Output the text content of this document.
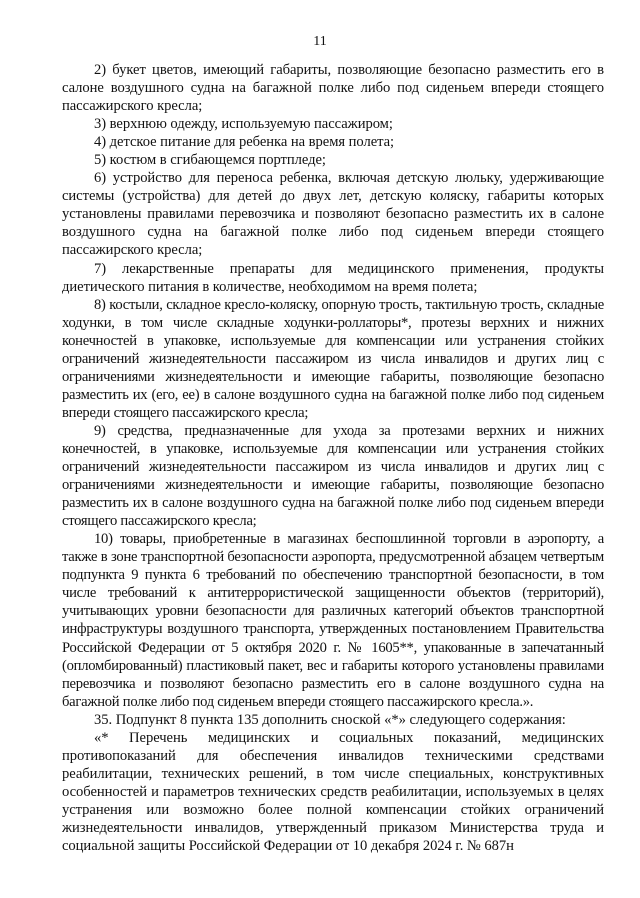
11

2) букет цветов, имеющий габариты, позволяющие безопасно разместить его в салоне воздушного судна на багажной полке либо под сиденьем впереди стоящего пассажирского кресла;

3) верхнюю одежду, используемую пассажиром;

4) детское питание для ребенка на время полета;

5) костюм в сгибающемся портпледе;

6) устройство для переноса ребенка, включая детскую люльку, удерживающие системы (устройства) для детей до двух лет, детскую коляску, габариты которых установлены правилами перевозчика и позволяют безопасно разместить их в салоне воздушного судна на багажной полке либо под сиденьем впереди стоящего пассажирского кресла;

7) лекарственные препараты для медицинского применения, продукты диетического питания в количестве, необходимом на время полета;

8) костыли, складное кресло-коляску, опорную трость, тактильную трость, складные ходунки, в том числе складные ходунки-роллаторы*, протезы верхних и нижних конечностей в упаковке, используемые для компенсации или устранения стойких ограничений жизнедеятельности пассажиром из числа инвалидов и других лиц с ограничениями жизнедеятельности и имеющие габариты, позволяющие безопасно разместить их (его, ее) в салоне воздушного судна на багажной полке либо под сиденьем впереди стоящего пассажирского кресла;

9) средства, предназначенные для ухода за протезами верхних и нижних конечностей, в упаковке, используемые для компенсации или устранения стойких ограничений жизнедеятельности пассажиром из числа инвалидов и других лиц с ограничениями жизнедеятельности и имеющие габариты, позволяющие безопасно разместить их в салоне воздушного судна на багажной полке либо под сиденьем впереди стоящего пассажирского кресла;

10) товары, приобретенные в магазинах беспошлинной торговли в аэропорту, а также в зоне транспортной безопасности аэропорта, предусмотренной абзацем четвертым подпункта 9 пункта 6 требований по обеспечению транспортной безопасности, в том числе требований к антитеррористической защищенности объектов (территорий), учитывающих уровни безопасности для различных категорий объектов транспортной инфраструктуры воздушного транспорта, утвержденных постановлением Правительства Российской Федерации от 5 октября 2020 г. № 1605**, упакованные в запечатанный (опломбированный) пластиковый пакет, вес и габариты которого установлены правилами перевозчика и позволяют безопасно разместить его в салоне воздушного судна на багажной полке либо под сиденьем впереди стоящего пассажирского кресла.».

35. Подпункт 8 пункта 135 дополнить сноской «*» следующего содержания:

«* Перечень медицинских и социальных показаний, медицинских противопоказаний для обеспечения инвалидов техническими средствами реабилитации, технических решений, в том числе специальных, конструктивных особенностей и параметров технических средств реабилитации, используемых в целях устранения или возможно более полной компенсации стойких ограничений жизнедеятельности инвалидов, утвержденный приказом Министерства труда и социальной защиты Российской Федерации от 10 декабря 2024 г. № 687н
